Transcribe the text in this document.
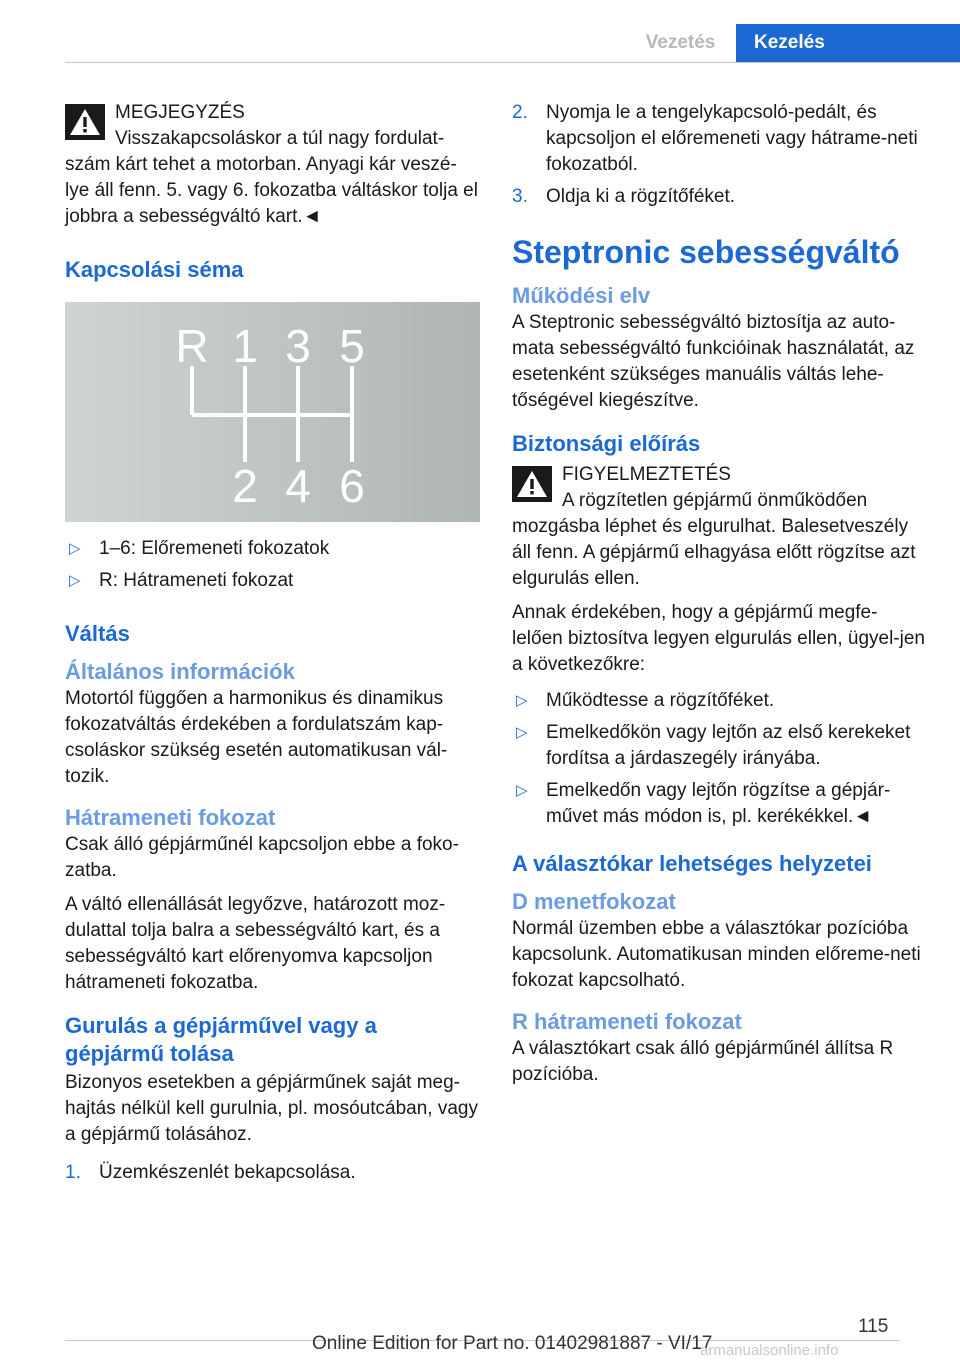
Vezetés	Kezelés
MEGJEGYZÉS
Visszakapcsoláskor a túl nagy fordulat-
szám kárt tehet a motorban. Anyagi kár veszé-lye áll fenn. 5. vagy 6. fokozatba váltáskor tolja el jobbra a sebességváltó kart.◄
Kapcsolási séma
R 1 3 5
2 4 6
▷ 1–6: Előremeneti fokozatok
▷ R: Hátrameneti fokozat
Váltás
Általános információk

Motortól függően a harmonikus és dinamikus fokozatváltás érdekében a fordulatszám kap-csoláskor szükség esetén automatikusan vál-tozik.

Hátrameneti fokozat

Csak álló gépjárműnél kapcsoljon ebbe a foko-zatba.

A váltó ellenállását legyőzve, határozott moz-dulattal tolja balra a sebességváltó kart, és a sebességváltó kart előrenyomva kapcsoljon hátrameneti fokozatba.

Gurulás a gépjárművel vagy a gépjármű tolása

Bizonyos esetekben a gépjárműnek saját meg-hajtás nélkül kell gurulnia, pl. mosóutcában, vagy a gépjármű tolásához.

1. Üzemkészenlét bekapcsolása.
2. Nyomja le a tengelykapcsoló-pedált, és kapcsoljon el előremeneti vagy hátrame-neti fokozatból.
3. Oldja ki a rögzítőféket.
Steptronic sebességváltó
Működési elv

A Steptronic sebességváltó biztosítja az auto-mata sebességváltó funkcióinak használatát, az esetenként szükséges manuális váltás lehe-tőségével kiegészítve.

Biztonsági előírás
FIGYELMEZTETÉS
A rögzítetlen gépjármű önműködően
mozgásba léphet és elgurulhat. Balesetveszély áll fenn. A gépjármű elhagyása előtt rögzítse azt elgurulás ellen.

Annak érdekében, hogy a gépjármű megfe-lelően biztosítva legyen elgurulás ellen, ügyel-jen a következőkre:

▷ Működtesse a rögzítőféket.
▷ Emelkedőkön vagy lejtőn az első kerekeket fordítsa a járdaszegély irányába.
▷ Emelkedőn vagy lejtőn rögzítse a gépjár-művet más módon is, pl. kerékékkel.◄
A választókar lehetséges helyzetei
D menetfokozat

Normál üzemben ebbe a választókar pozícióba kapcsolunk. Automatikusan minden előreme-neti fokozat kapcsolható.

R hátrameneti fokozat

A választókart csak álló gépjárműnél állítsa R pozícióba.

115
Online Edition for Part no. 01402981887 - VI/17
armanualsonline.info
